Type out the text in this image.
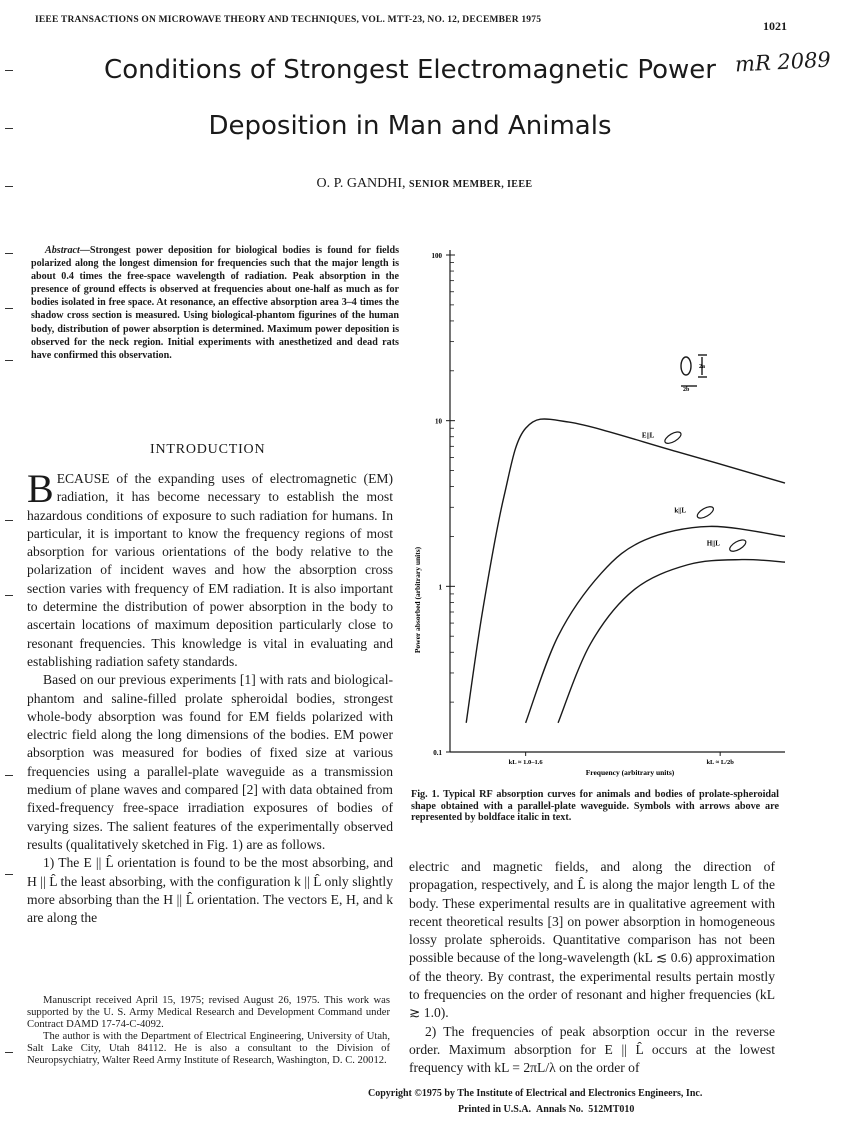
IEEE TRANSACTIONS ON MICROWAVE THEORY AND TECHNIQUES, VOL. MTT-23, NO. 12, DECEMBER 1975	1021
mR 2089
Conditions of Strongest Electromagnetic Power
Deposition in Man and Animals
O. P. GANDHI, SENIOR MEMBER, IEEE
Abstract—Strongest power deposition for biological bodies is found for fields polarized along the longest dimension for frequencies such that the major length is about 0.4 times the free-space wavelength of radiation. Peak absorption in the presence of ground effects is observed at frequencies about one-half as much as for bodies isolated in free space. At resonance, an effective absorption area 3–4 times the shadow cross section is measured. Using biological-phantom figurines of the human body, distribution of power absorption is determined. Maximum power deposition is observed for the neck region. Initial experiments with anesthetized and dead rats have confirmed this observation.
INTRODUCTION

BECAUSE of the expanding uses of electromagnetic (EM) radiation, it has become necessary to establish the most hazardous conditions of exposure to such radiation for humans. In particular, it is important to know the frequency regions of most absorption for various orientations of the body relative to the polarization of incident waves and how the absorption cross section varies with frequency of EM radiation. It is also important to determine the distribution of power absorption in the body to ascertain locations of maximum deposition particularly close to resonant frequencies. This knowledge is vital in evaluating and establishing radiation safety standards.

Based on our previous experiments [1] with rats and biological-phantom and saline-filled prolate spheroidal bodies, strongest whole-body absorption was found for EM fields polarized with electric field along the long dimensions of the bodies. EM power absorption was measured for bodies of fixed size at various frequencies using a parallel-plate waveguide as a transmission medium of plane waves and compared [2] with data obtained from fixed-frequency free-space irradiation exposures of bodies of varying sizes. The salient features of the experimentally observed results (qualitatively sketched in Fig. 1) are as follows.

1) The E || L̂ orientation is found to be the most absorbing, and H || L̂ the least absorbing, with the configuration k || L̂ only slightly more absorbing than the H || L̂ orientation. The vectors E, H, and k are along the

Manuscript received April 15, 1975; revised August 26, 1975. This work was supported by the U. S. Army Medical Research and Development Command under Contract DAMD 17-74-C-4092.

The author is with the Department of Electrical Engineering, University of Utah, Salt Lake City, Utah 84112. He is also a consultant to the Division of Neuropsychiatry, Walter Reed Army Institute of Research, Washington, D. C. 20012.

0.1
1
10
100
kL ≈ 1.0–1.6	kL ≈ L/2b
Power absorbed (arbitrary units)
Frequency (arbitrary units)
2a
2b
E||L
k||L
H||L
Fig. 1. Typical RF absorption curves for animals and bodies of prolate-spheroidal shape obtained with a parallel-plate waveguide. Symbols with arrows above are represented by boldface italic in text.

electric and magnetic fields, and along the direction of propagation, respectively, and L̂ is along the major length L of the body. These experimental results are in qualitative agreement with recent theoretical results [3] on power absorption in homogeneous lossy prolate spheroids. Quantitative comparison has not been possible because of the long-wavelength (kL ≲ 0.6) approximation of the theory. By contrast, the experimental results pertain mostly to frequencies on the order of resonant and higher frequencies (kL ≳ 1.0).

2) The frequencies of peak absorption occur in the reverse order. Maximum absorption for E || L̂ occurs at the lowest frequency with kL = 2πL/λ on the order of

Copyright ©1975 by The Institute of Electrical and Electronics Engineers, Inc.
Printed in U.S.A.  Annals No.  512MT010
